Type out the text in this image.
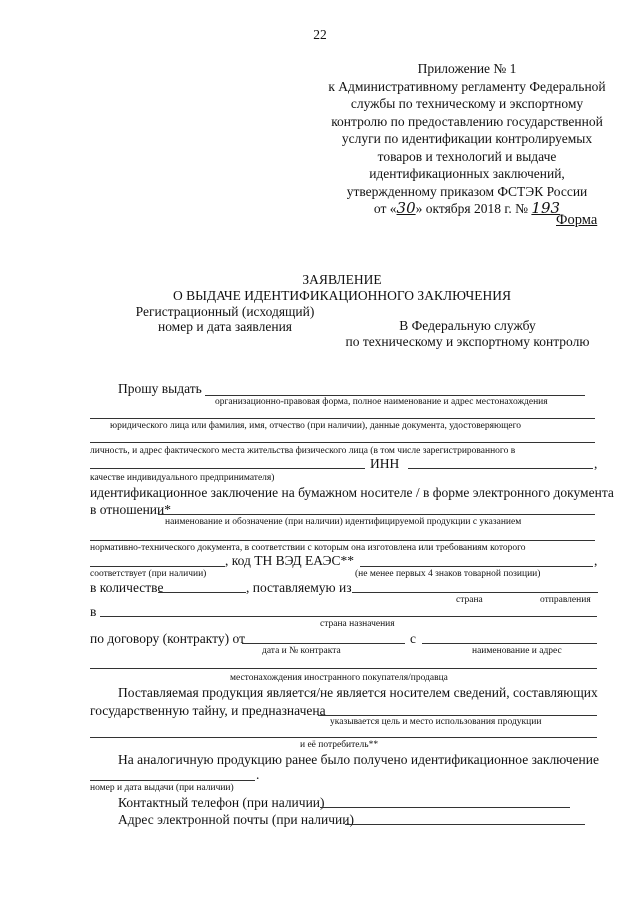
22
Приложение № 1
к Административному регламенту Федеральной
службы по техническому и экспортному
контролю по предоставлению государственной
услуги по идентификации контролируемых
товаров и технологий и выдаче
идентификационных заключений,
утвержденному приказом ФСТЭК России
от «30» октября 2018 г. № 193
Форма
ЗАЯВЛЕНИЕ
О ВЫДАЧЕ ИДЕНТИФИКАЦИОННОГО ЗАКЛЮЧЕНИЯ
Регистрационный (исходящий)
номер и дата заявления	В Федеральную службу
по техническому и экспортному контролю
Прошу выдать
организационно-правовая форма, полное наименование и адрес местонахождения
юридического лица или фамилия, имя, отчество (при наличии), данные документа, удостоверяющего
личность, и адрес фактического места жительства физического лица (в том числе зарегистрированного в
ИНН	,
качестве индивидуального предпринимателя)
идентификационное заключение на бумажном носителе / в форме электронного документа
в отношении*
наименование и обозначение (при наличии) идентифицируемой продукции с указанием
нормативно-технического документа, в соответствии с которым она изготовлена или требованиям которого
, код ТН ВЭД ЕАЭС**	,
соответствует (при наличии)	(не менее первых 4 знаков товарной позиции)
в количестве	, поставляемую из
страна	отправления
в
страна назначения
по договору (контракту) от	с
дата и № контракта	наименование и адрес
местонахождения иностранного покупателя/продавца
Поставляемая продукция является/не является носителем сведений, составляющих
государственную тайну, и предназначена
указывается цель и место использования продукции
и её потребитель**
На аналогичную продукцию ранее было получено идентификационное заключение
.
номер и дата выдачи (при наличии)
Контактный телефон (при наличии)
Адрес электронной почты (при наличии)
